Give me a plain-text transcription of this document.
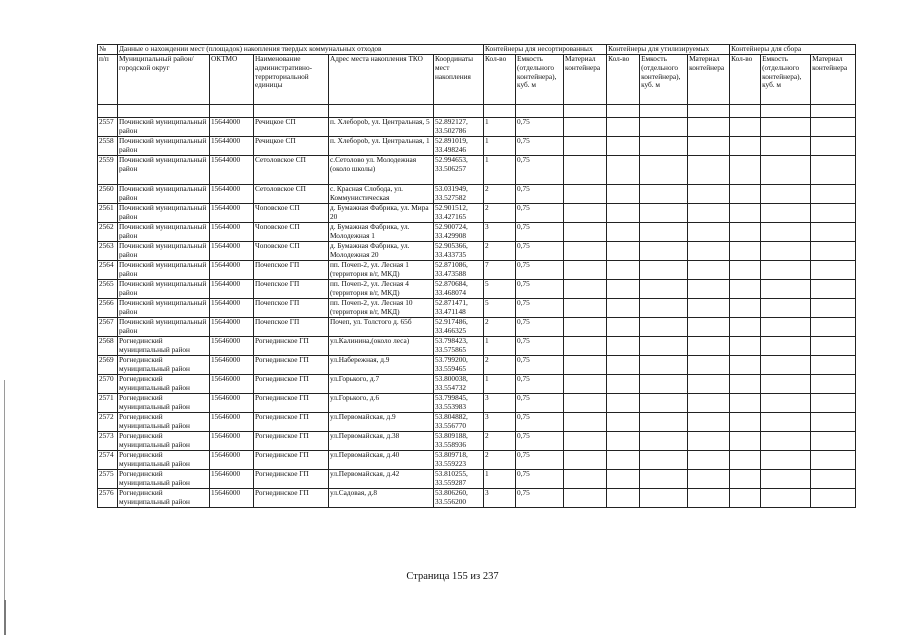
№	Данные о нахождении мест (площадок) накопления твердых коммунальных отходов					Контейнеры для несортированных			Контейнеры для утилизируемых			Контейнеры для сбора		
п/п	Муниципальный район/городской округ	ОКТМО	Наименование административно-территориальной единицы	Адрес места накопления ТКО	Координаты мест накопления	Кол-во	Емкость (отдельного контейнера), куб. м	Материал контейнера	Кол-во	Емкость (отдельного контейнера), куб. м	Материал контейнера	Кол-во	Емкость (отдельного контейнера), куб. м	Материал контейнера

2557	Починский муниципальный район	15644000	Речицкое СП	п. Хлеборob, ул. Центральная, 5	52.892127, 33.502786	1	0,75							
2558	Починский муниципальный район	15644000	Речицкое СП	п. Хлеборob, ул. Центральная, 1	52.891019, 33.498246	1	0,75							
2559	Починский муниципальный район	15644000	Сетоловское СП	с.Сетолово ул. Молодежная (около школы)	52.994653, 33.506257	1	0,75							
2560	Починский муниципальный район	15644000	Сетоловское СП	с. Красная Слобода, ул. Коммунистическая	53.031949, 33.527582	2	0,75							
2561	Починский муниципальный район	15644000	Чоповское СП	д. Бумажная Фабрика, ул. Мира 20	52.901512, 33.427165	2	0,75							
2562	Починский муниципальный район	15644000	Чоповское СП	д. Бумажная Фабрика, ул. Молодежная 1	52.900724, 33.429908	3	0,75							
2563	Починский муниципальный район	15644000	Чоповское СП	д. Бумажная Фабрика, ул. Молодежная 20	52.905366, 33.433735	2	0,75							
2564	Починский муниципальный район	15644000	Почепское ГП	пп. Почеп-2, ул. Лесная 1 (территория в/г, МКД)	52.871086, 33.473588	7	0,75							
2565	Починский муниципальный район	15644000	Почепское ГП	пп. Почеп-2, ул. Лесная 4 (территория в/г, МКД)	52.870684, 33.468074	5	0,75							
2566	Починский муниципальный район	15644000	Почепское ГП	пп. Почеп-2, ул. Лесная 10 (территория в/г, МКД)	52.871471, 33.471148	5	0,75							
2567	Починский муниципальный район	15644000	Почепское ГП	Почеп, ул. Толстого д. 65б	52.917486, 33.466325	2	0,75							
2568	Рогнединский муниципальный район	15646000	Рогнединское ГП	ул.Калинина,(около леса)	53.798423, 33.575865	1	0,75							
2569	Рогнединский муниципальный район	15646000	Рогнединское ГП	ул.Набережная, д.9	53.799200, 33.559465	2	0,75							
2570	Рогнединский муниципальный район	15646000	Рогнединское ГП	ул.Горького, д.7	53.800038, 33.554732	1	0,75							
2571	Рогнединский муниципальный район	15646000	Рогнединское ГП	ул.Горького, д.6	53.799845, 33.553983	3	0,75							
2572	Рогнединский муниципальный район	15646000	Рогнединское ГП	ул.Первомайская, д.9	53.804882, 33.556770	3	0,75							
2573	Рогнединский муниципальный район	15646000	Рогнединское ГП	ул.Первомайская, д.38	53.809188, 33.558936	2	0,75							
2574	Рогнединский муниципальный район	15646000	Рогнединское ГП	ул.Первомайская, д.40	53.809718, 33.559223	2	0,75							
2575	Рогнединский муниципальный район	15646000	Рогнединское ГП	ул.Первомайская, д.42	53.810255, 33.559287	1	0,75							
2576	Рогнединский муниципальный район	15646000	Рогнединское ГП	ул.Садовая, д.8	53.806260, 33.556200	3	0,75							
Страница 155 из 237
